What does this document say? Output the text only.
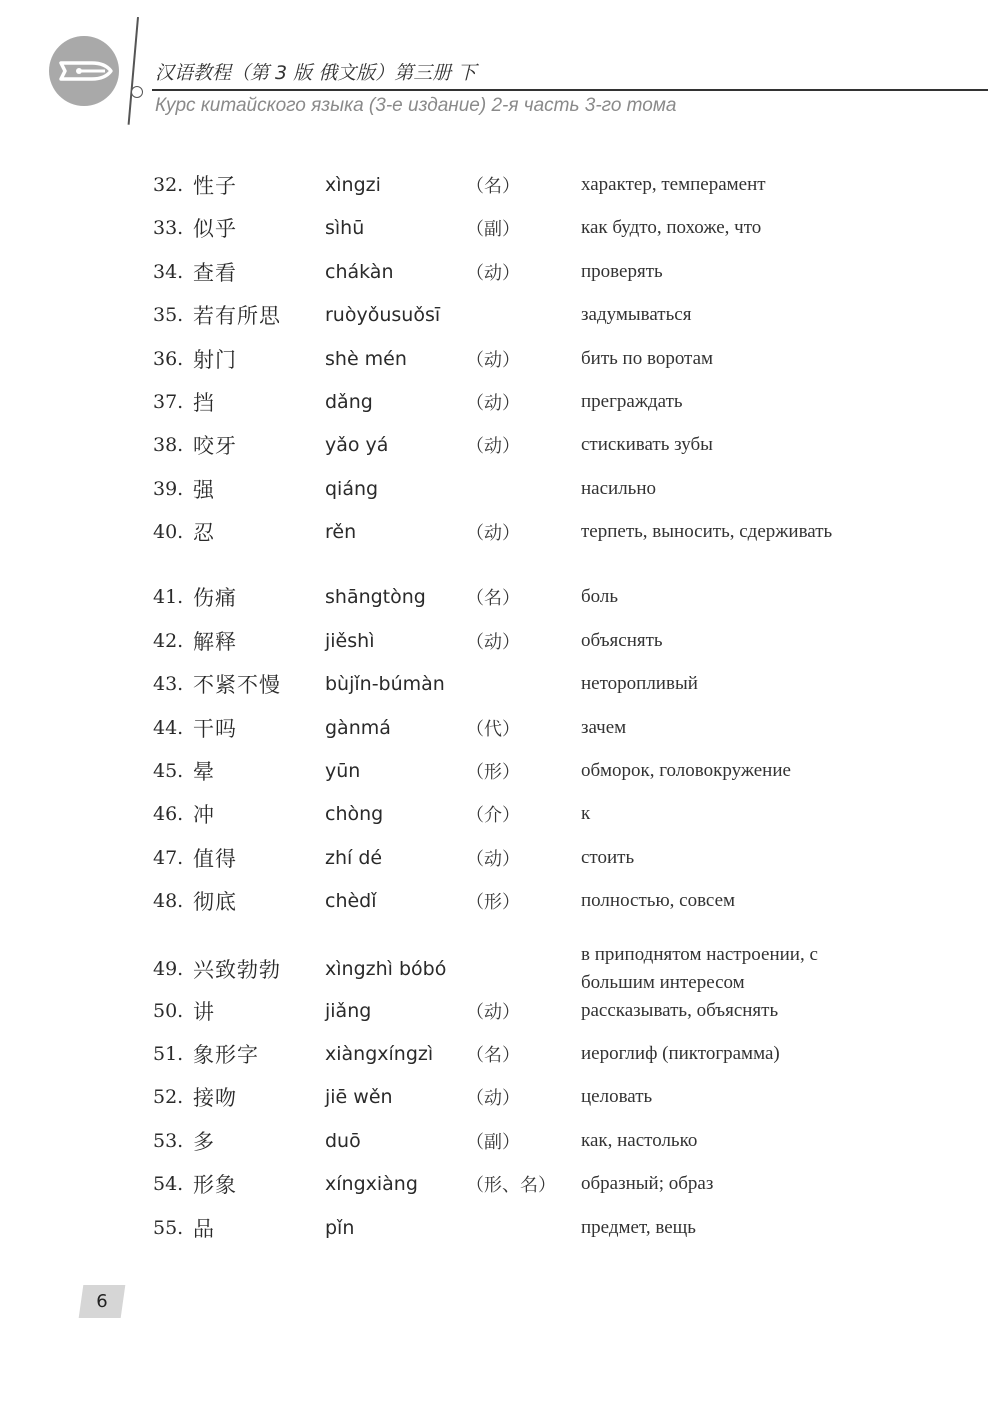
汉语教程（第 3 版 俄文版）第三册 下
Курс китайского языка (3-е издание) 2-я часть 3-го тома
32. 性子	xìngzi	（名）	характер, темперамент
33. 似乎	sìhū	（副）	как будто, похоже, что
34. 查看	chákàn	（动）	проверять
35. 若有所思 ruòyǒusuǒsī	задумываться
36. 射门	shè mén	（动）	бить по воротам
37. 挡	dǎng	（动）	преграждать
38. 咬牙	yǎo yá	（动）	стискивать зубы
39. 强	qiáng	насильно
40. 忍	rěn	（动）	терпеть, выносить, сдерживать
41. 伤痛	shāngtòng （名）	боль
42. 解释	jiěshì	（动）	объяснять
43. 不紧不慢 bùjǐn-búmàn	неторопливый
44. 干吗	gànmá	（代）	зачем
45. 晕	yūn	（形）	обморок, головокружение
46. 冲	chòng	（介）	к
47. 值得	zhí dé	（动）	стоить
48. 彻底	chèdǐ	（形）	полностью, совсем
49. 兴致勃勃 xìngzhì bóbó
в приподнятом настроении, с большим интересом
50. 讲	jiǎng	（动）	рассказывать, объяснять
51. 象形字	xiàngxíngzì （名）	иероглиф (пиктограмма)
52. 接吻	jiē wěn	（动）	целовать
53. 多	duō	（副）	как, настолько
54. 形象	xíngxiàng	（形、名） образный; образ
55. 品	pǐn	предмет, вещь
6
